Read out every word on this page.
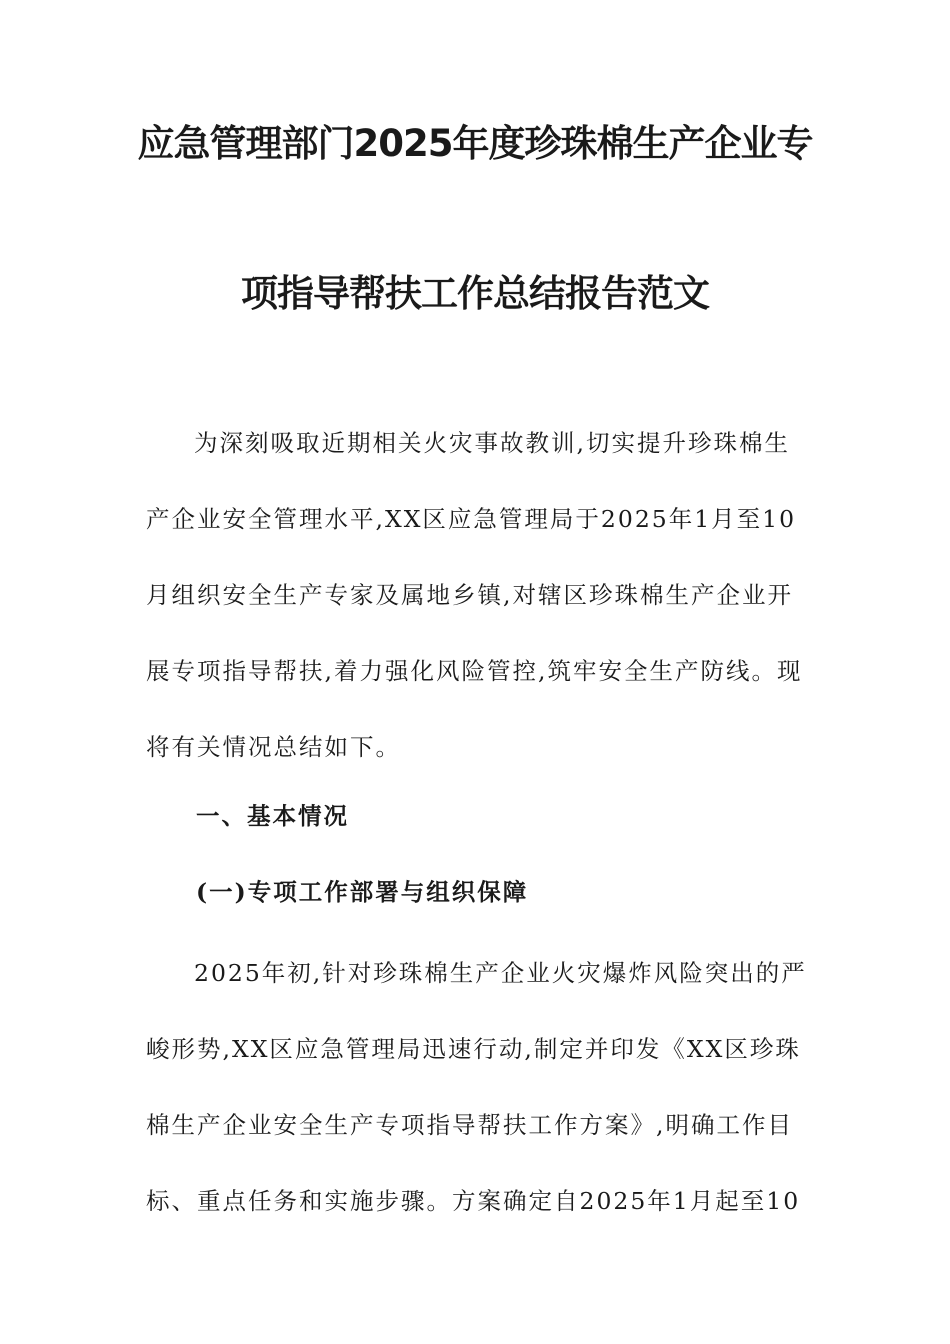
应急管理部门2025年度珍珠棉生产企业专
项指导帮扶工作总结报告范文

为深刻吸取近期相关火灾事故教训,切实提升珍珠棉生
产企业安全管理水平,XX区应急管理局于2025年1月至10
月组织安全生产专家及属地乡镇,对辖区珍珠棉生产企业开
展专项指导帮扶,着力强化风险管控,筑牢安全生产防线。现
将有关情况总结如下。

一、基本情况
(一)专项工作部署与组织保障

2025年初,针对珍珠棉生产企业火灾爆炸风险突出的严
峻形势,XX区应急管理局迅速行动,制定并印发《XX区珍珠
棉生产企业安全生产专项指导帮扶工作方案》,明确工作目
标、重点任务和实施步骤。方案确定自2025年1月起至10
